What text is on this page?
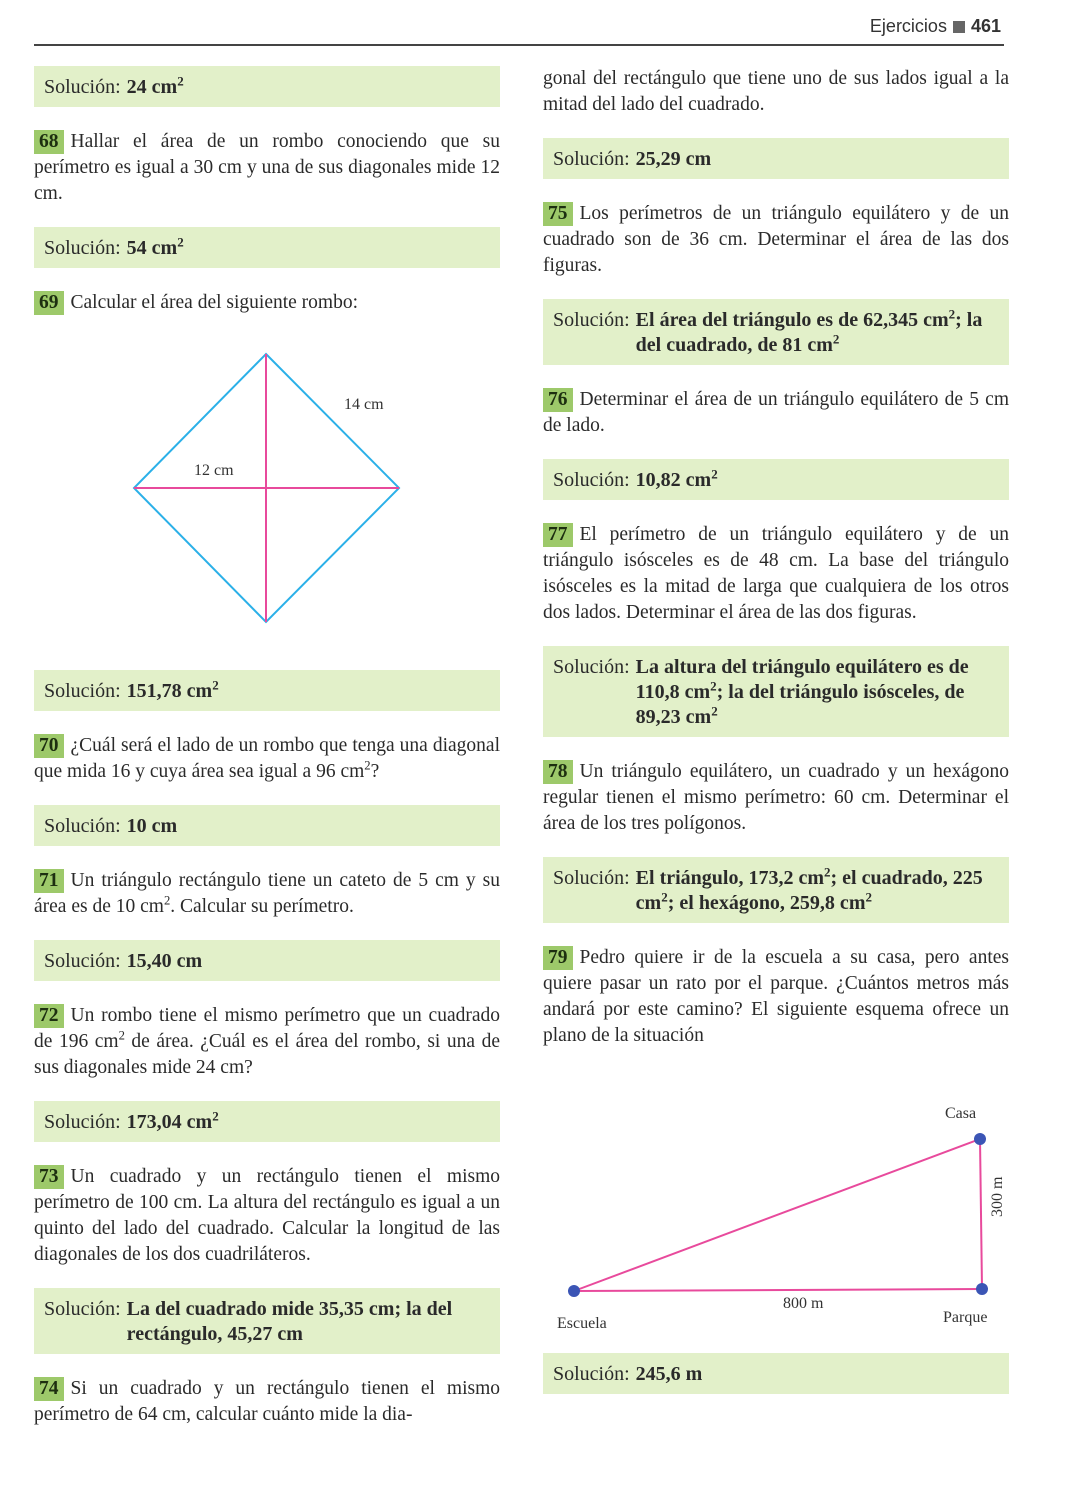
Ejercicios 461
Solución: 24 $cm^2$
68 Hallar el área de un rombo conociendo que su perímetro es igual a 30 cm y una de sus diagonales mide 12 cm.
Solución: 54 $cm^2$
69 Calcular el área del siguiente rombo:
14 cm
12 cm
Solución: 151,78 $cm^2$
70 ¿Cuál será el lado de un rombo que tenga una diagonal que mida 16 y cuya área sea igual a 96 $cm^2$?
Solución: 10 cm
71 Un triángulo rectángulo tiene un cateto de 5 cm y su área es de 10 $cm^2$. Calcular su perímetro.
Solución: 15,40 cm
72 Un rombo tiene el mismo perímetro que un cuadrado de 196 $cm^2$ de área. ¿Cuál es el área del rombo, si una de sus diagonales mide 24 cm?
Solución: 173,04 $cm^2$
73 Un cuadrado y un rectángulo tienen el mismo perímetro de 100 cm. La altura del rectángulo es igual a un quinto del lado del cuadrado. Calcular la longitud de las diagonales de los dos cuadriláteros.
Solución: La del cuadrado mide 35,35 cm; la del rectángulo, 45,27 cm
74 Si un cuadrado y un rectángulo tienen el mismo perímetro de 64 cm, calcular cuánto mide la dia-
gonal del rectángulo que tiene uno de sus lados igual a la mitad del lado del cuadrado.
Solución: 25,29 cm
75 Los perímetros de un triángulo equilátero y de un cuadrado son de 36 cm. Determinar el área de las dos figuras.
Solución: El área del triángulo es de 62,345 $cm^2$; la del cuadrado, de 81 $cm^2$
76 Determinar el área de un triángulo equilátero de 5 cm de lado.
Solución: 10,82 $cm^2$
77 El perímetro de un triángulo equilátero y de un triángulo isósceles es de 48 cm. La base del triángulo isósceles es la mitad de larga que cualquiera de los otros dos lados. Determinar el área de las dos figuras.
Solución: La altura del triángulo equilátero es de 110,8 $cm^2$; la del triángulo isósceles, de 89,23 $cm^2$
78 Un triángulo equilátero, un cuadrado y un hexágono regular tienen el mismo perímetro: 60 cm. Determinar el área de los tres polígonos.
Solución: El triángulo, 173,2 $cm^2$; el cuadrado, 225 $cm^2$; el hexágono, 259,8 $cm^2$
79 Pedro quiere ir de la escuela a su casa, pero antes quiere pasar un rato por el parque. ¿Cuántos metros más andará por este camino? El siguiente esquema ofrece un plano de la situación
Casa
Escuela	Parque
800 m
300 m
Solución: 245,6 m
